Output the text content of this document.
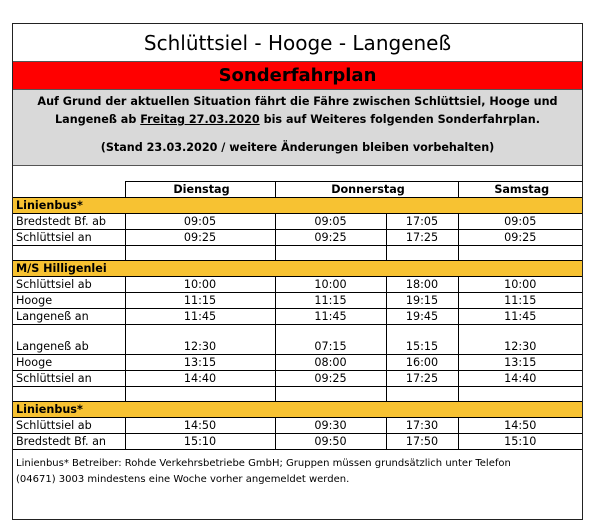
Schlüttsiel - Hooge - Langeneß
Sonderfahrplan
Auf Grund der aktuellen Situation fährt die Fähre zwischen Schlüttsiel, Hooge und
Langeneß ab Freitag 27.03.2020 bis auf Weiteres folgenden Sonderfahrplan.
(Stand 23.03.2020 / weitere Änderungen bleiben vorbehalten)

	Dienstag	Donnerstag		Samstag
Linienbus*				
Bredstedt Bf. ab	09:05	09:05	17:05	09:05
Schlüttsiel an	09:25	09:25	17:25	09:25

M/S Hilligenlei				
Schlüttsiel ab	10:00	10:00	18:00	10:00
Hooge	11:15	11:15	19:15	11:15
Langeneß an	11:45	11:45	19:45	11:45

Langeneß ab	12:30	07:15	15:15	12:30
Hooge	13:15	08:00	16:00	13:15
Schlüttsiel an	14:40	09:25	17:25	14:40

Linienbus*				
Schlüttsiel ab	14:50	09:30	17:30	14:50
Bredstedt Bf. an	15:10	09:50	17:50	15:10
Linienbus* Betreiber: Rohde Verkehrsbetriebe GmbH; Gruppen müssen grundsätzlich unter Telefon
(04671) 3003 mindestens eine Woche vorher angemeldet werden.
